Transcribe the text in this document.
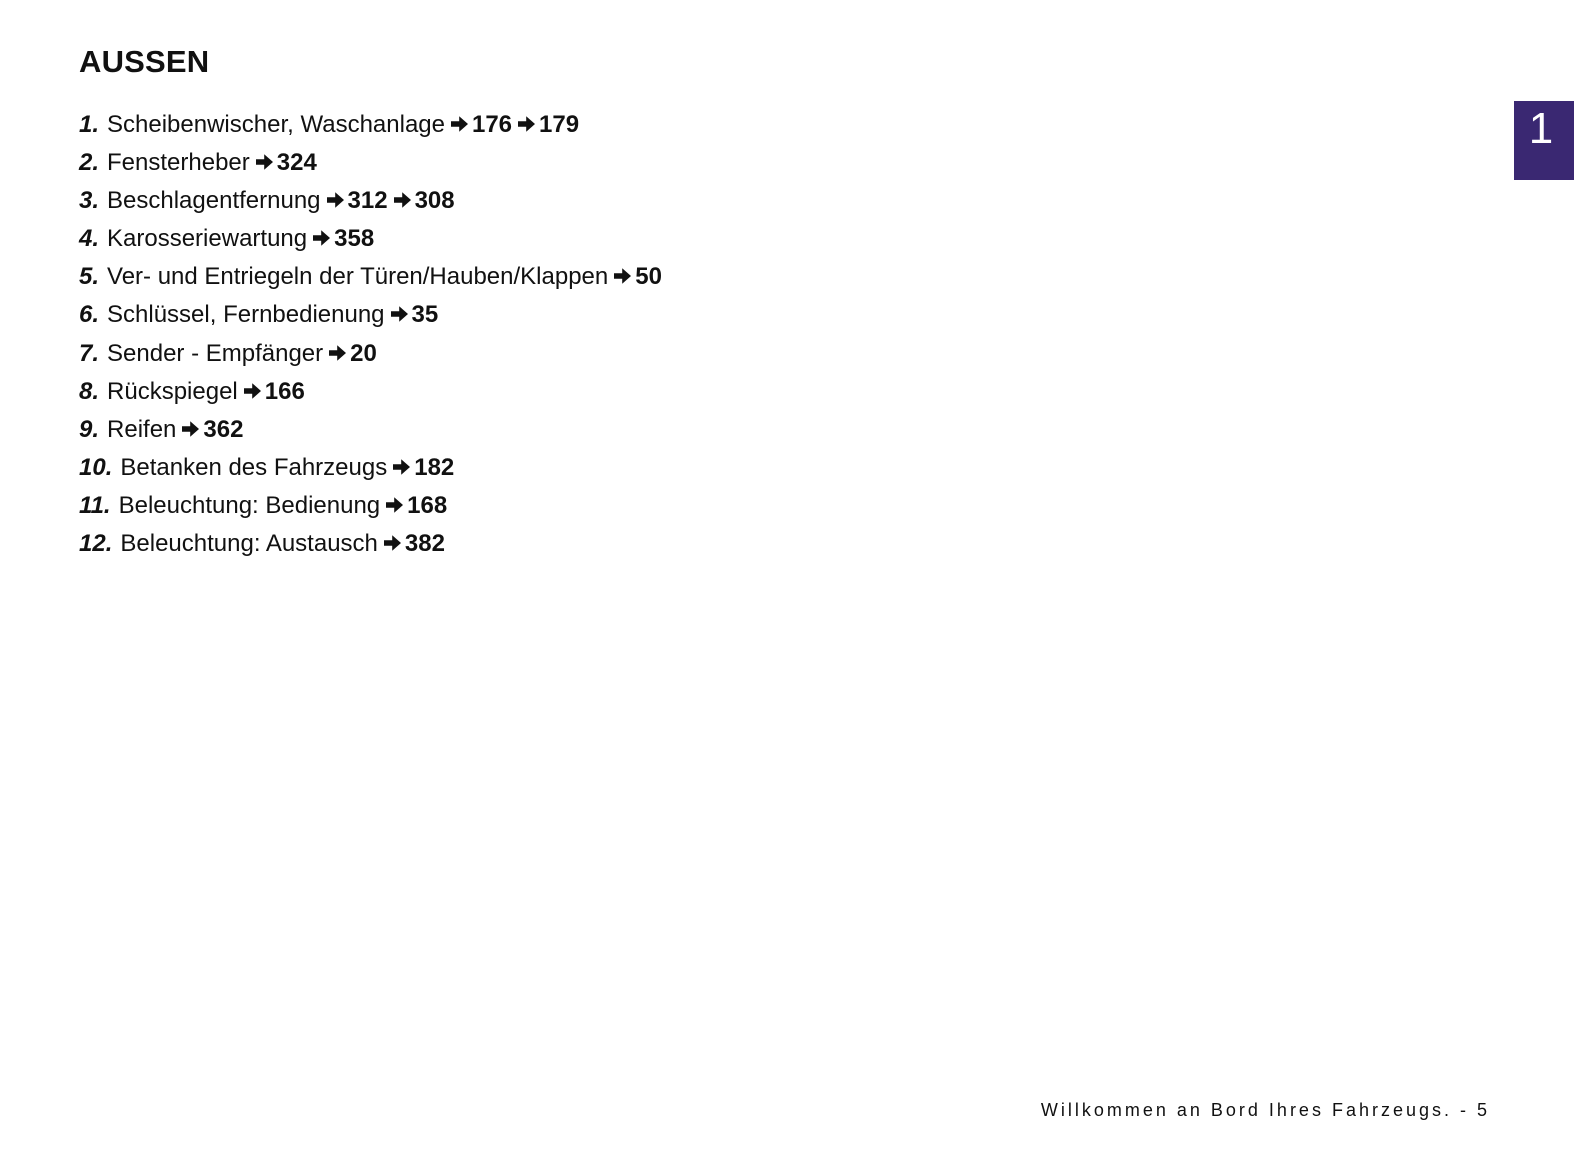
AUSSEN
1. Scheibenwischer, Waschanlage 176 179
2. Fensterheber 324
3. Beschlagentfernung 312 308
4. Karosseriewartung 358
5. Ver- und Entriegeln der Türen/Hauben/Klappen 50
6. Schlüssel, Fernbedienung 35
7. Sender - Empfänger 20
8. Rückspiegel 166
9. Reifen 362
10. Betanken des Fahrzeugs 182
11. Beleuchtung: Bedienung 168
12. Beleuchtung: Austausch 382
1
Willkommen an Bord Ihres Fahrzeugs. - 5
